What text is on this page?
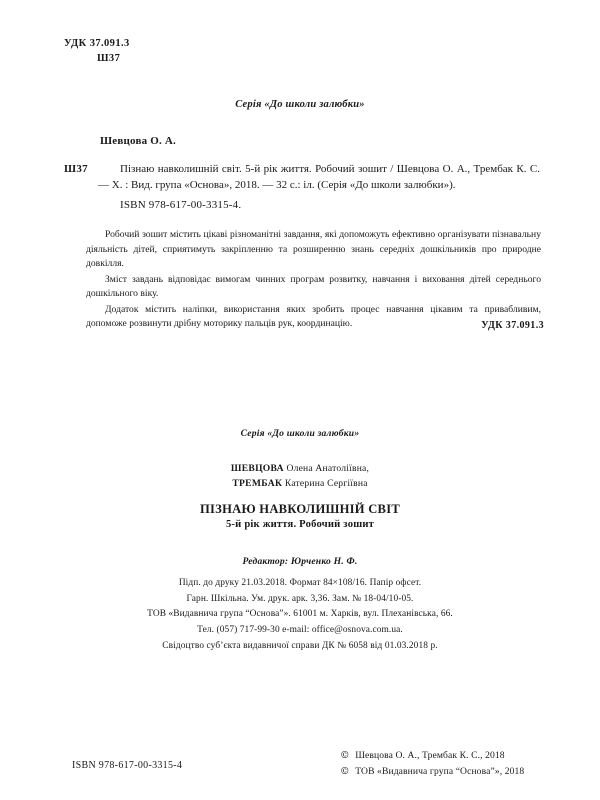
УДК 37.091.3
Ш37
Серія «До школи залюбки»
Шевцова О. А.
Ш37	Пізнаю навколишній світ. 5-й рік життя. Робочий зошит / Шевцова О. А., Трембак К. С. — Х. : Вид. група «Основа», 2018. — 32 с.: іл. (Серія «До школи залюбки»).
ISBN 978-617-00-3315-4.

Робочий зошит містить цікаві різноманітні завдання, які допоможуть ефективно організувати пізнавальну діяльність дітей, сприятимуть закріпленню та розширенню знань середніх дошкільників про природне довкілля.

Зміст завдань відповідає вимогам чинних програм розвитку, навчання і виховання дітей середнього дошкільного віку.

Додаток містить наліпки, використання яких зробить процес навчання цікавим та привабливим, допоможе розвинути дрібну моторику пальців рук, координацію.	УДК 37.091.3
Серія «До школи залюбки»
ШЕВЦОВА Олена Анатоліївна,
ТРЕМБАК Катерина Сергіївна
ПІЗНАЮ НАВКОЛИШНІЙ СВІТ
5-й рік життя. Робочий зошит
Редактор: Юрченко Н. Ф.
Підп. до друку 21.03.2018. Формат 84×108/16. Папір офсет.
Гарн. Шкільна. Ум. друк. арк. 3,36. Зам. № 18-04/10-05.
ТОВ «Видавнича група “Основа”». 61001 м. Харків, вул. Плеханівська, 66.
Тел. (057) 717-99-30 e-mail: office@osnova.com.ua.
Свідоцтво суб’єкта видавничої справи ДК № 6058 від 01.03.2018 р.
ISBN 978-617-00-3315-4
© Шевцова О. А., Трембак К. С., 2018
© ТОВ «Видавнича група “Основа”», 2018
